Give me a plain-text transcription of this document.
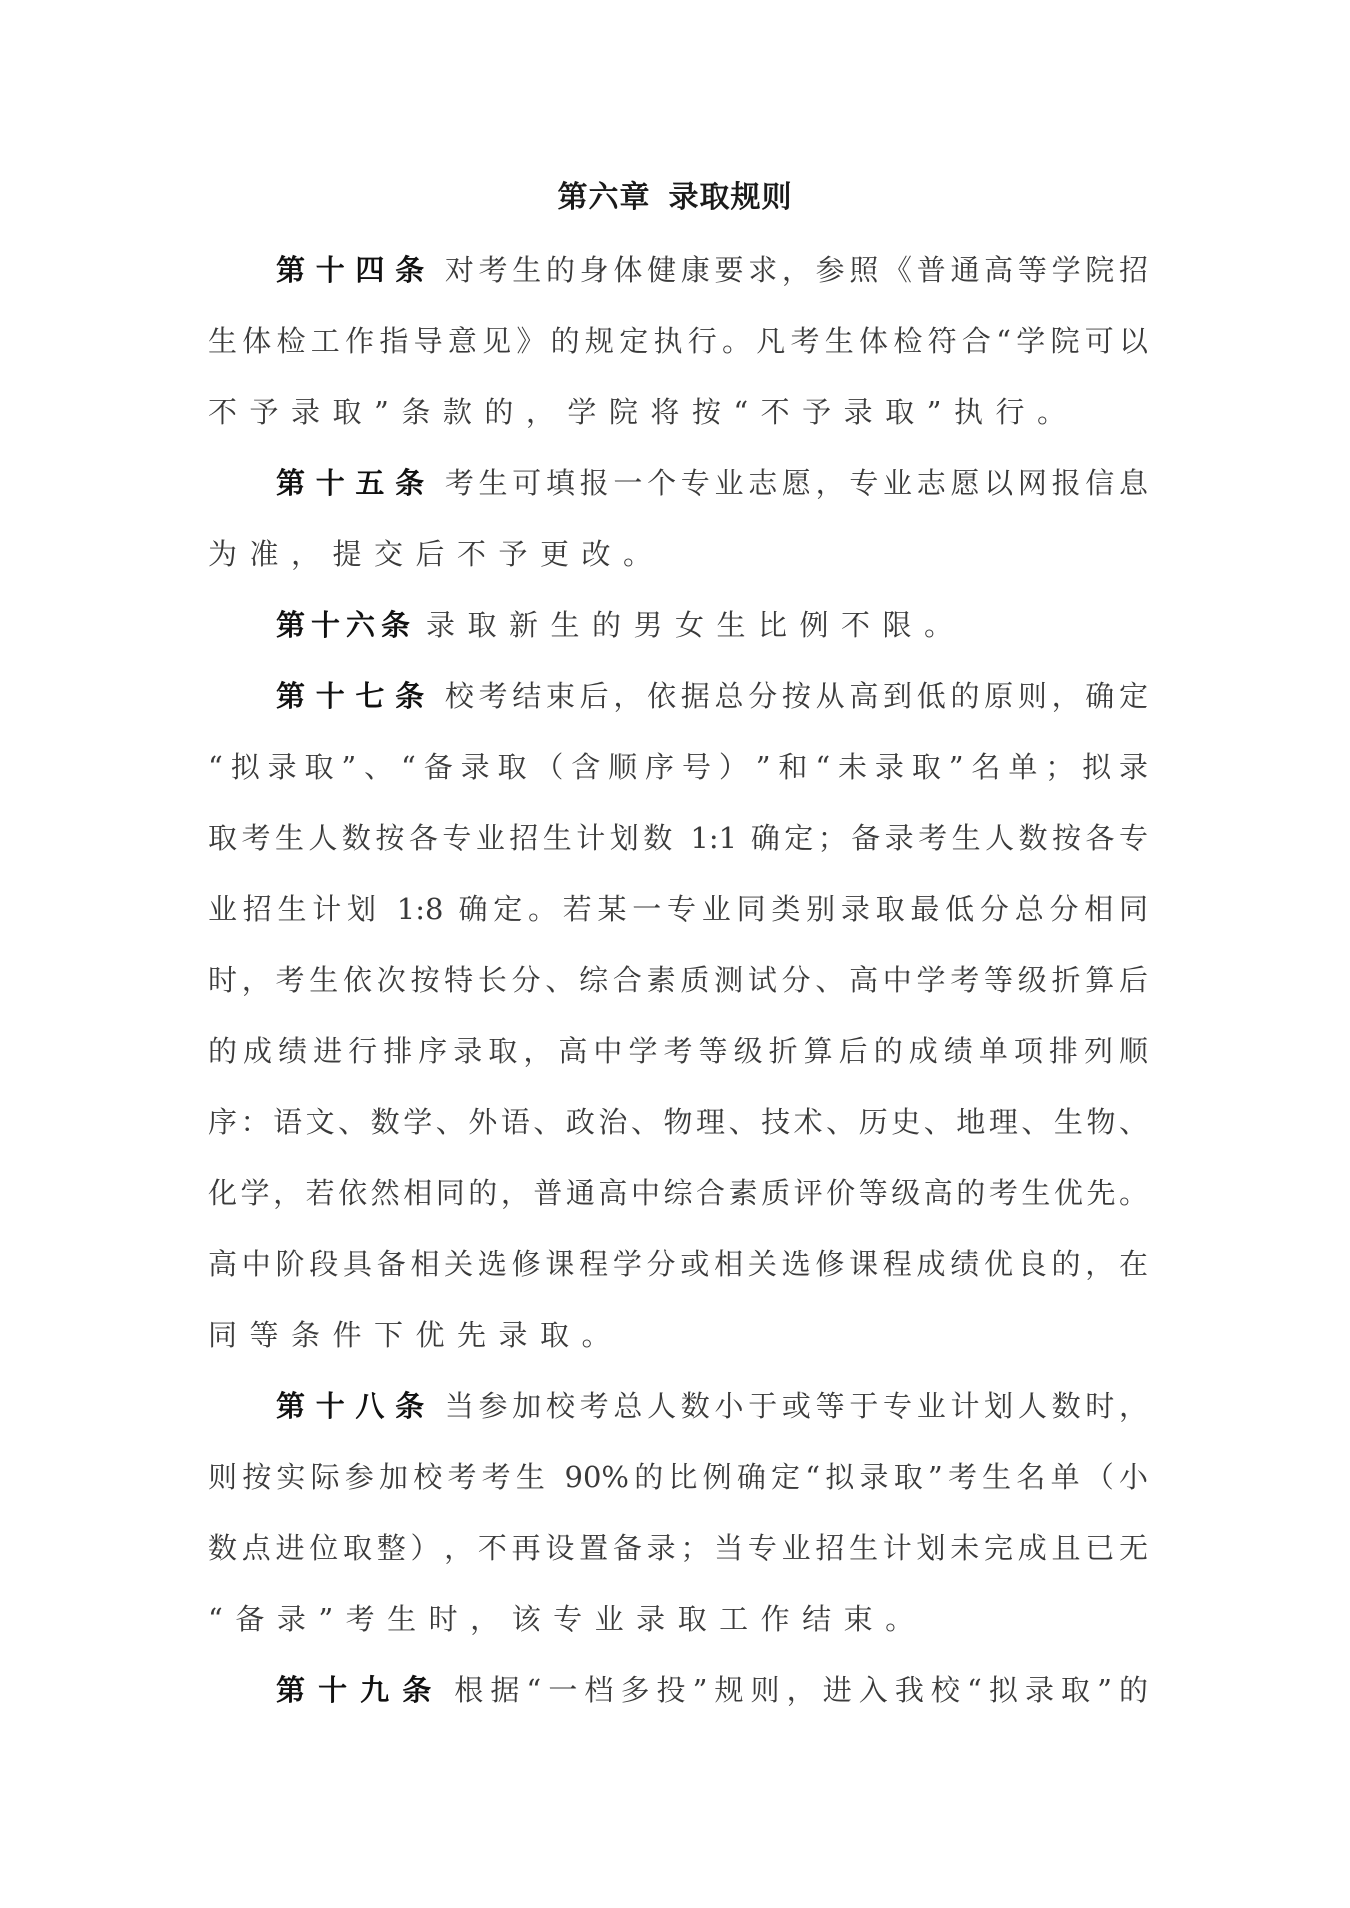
第六章 录取规则
第​十​四​条 对​考​生​的​身​体​健​康​要​求​，​参​照​《​普​通​高​等​学​院​招
生​体​检​工​作​指​导​意​见​》​的​规​定​执​行​。​凡​考​生​体​检​符​合​“​学​院​可​以
不予录取”条款的，学院将按“不予录取”执行。
第​十​五​条 考​生​可​填​报​一​个​专​业​志​愿​，​专​业​志​愿​以​网​报​信​息
为准，提交后不予更改。
第十六条 录取新生的男女生比例不限。
第​十​七​条 校​考​结​束​后​，​依​据​总​分​按​从​高​到​低​的​原​则​，​确​定
“​拟​录​取​”​、​“​备​录​取​（​含​顺​序​号​）​”​和​“​未​录​取​”​名​单​；​拟​录
取​考​生​人​数​按​各​专​业​招​生​计​划​数​ ​1​:​1​ ​确​定​；​备​录​考​生​人​数​按​各​专
业​招​生​计​划​ ​1​:​8​ ​确​定​。​若​某​一​专​业​同​类​别​录​取​最​低​分​总​分​相​同
时​，​考​生​依​次​按​特​长​分​、​综​合​素​质​测​试​分​、​高​中​学​考​等​级​折​算​后
的​成​绩​进​行​排​序​录​取​，​高​中​学​考​等​级​折​算​后​的​成​绩​单​项​排​列​顺
序​：​语​文​、​数​学​、​外​语​、​政​治​、​物​理​、​技​术​、​历​史​、​地​理​、​生​物​、
化​学​，​若​依​然​相​同​的​，​普​通​高​中​综​合​素​质​评​价​等​级​高​的​考​生​优​先​。
高​中​阶​段​具​备​相​关​选​修​课​程​学​分​或​相​关​选​修​课​程​成​绩​优​良​的​，​在
同等条件下优先录取。
第​十​八​条 当​参​加​校​考​总​人​数​小​于​或​等​于​专​业​计​划​人​数​时​，
则​按​实​际​参​加​校​考​考​生​ ​9​0​%​的​比​例​确​定​“​拟​录​取​”​考​生​名​单​（​小
数​点​进​位​取​整​）​，​不​再​设​置​备​录​；​当​专​业​招​生​计​划​未​完​成​且​已​无
“备录”考生时，该专业录取工作结束。
第​十​九​条 根​据​“​一​档​多​投​”​规​则​，​进​入​我​校​“​拟​录​取​”​的
